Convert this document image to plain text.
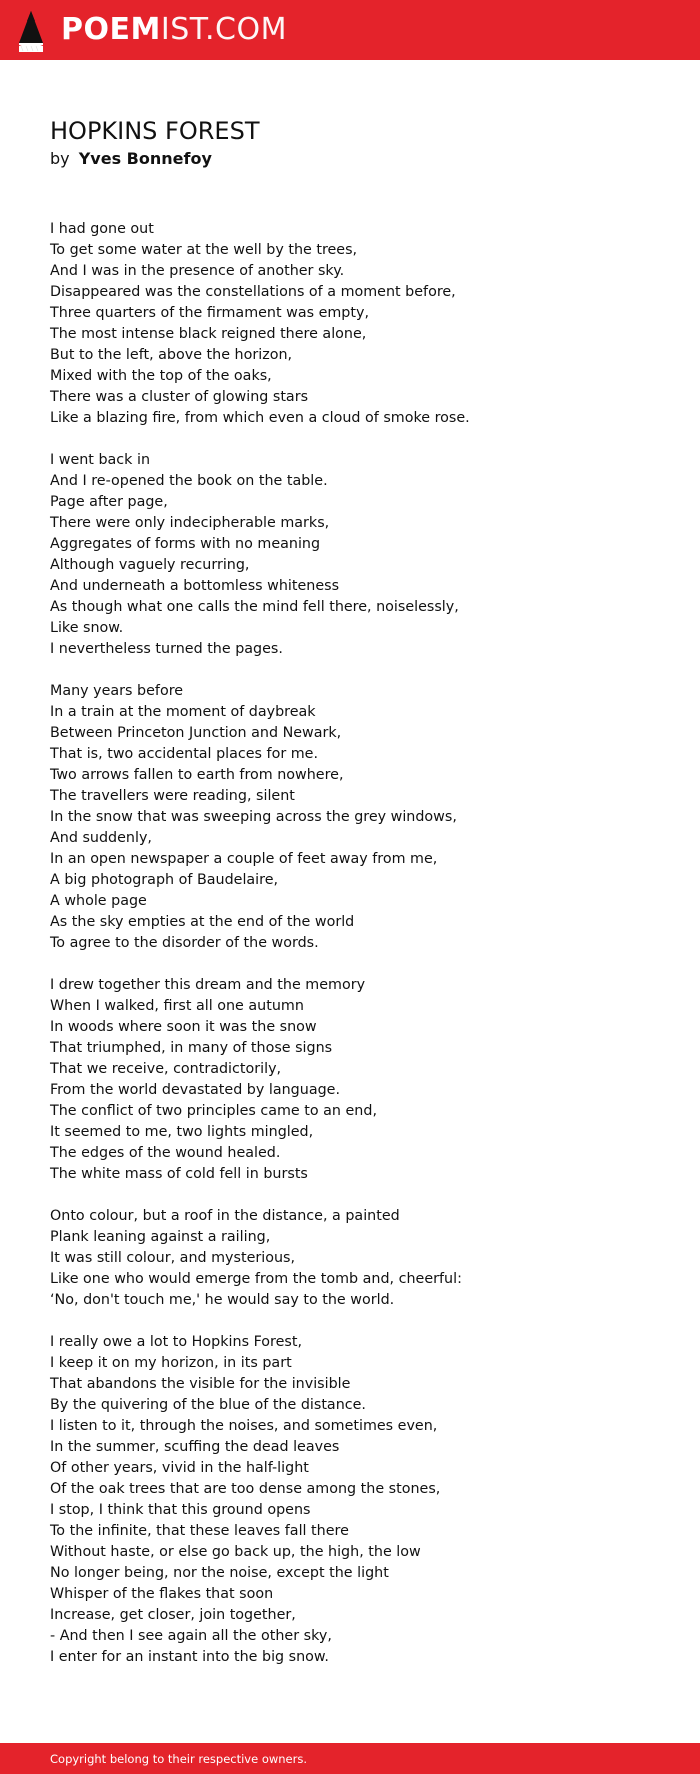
POEMIST.COM
HOPKINS FOREST
by Yves Bonnefoy
I had gone out
To get some water at the well by the trees,
And I was in the presence of another sky.
Disappeared was the constellations of a moment before,
Three quarters of the firmament was empty,
The most intense black reigned there alone,
But to the left, above the horizon,
Mixed with the top of the oaks,
There was a cluster of glowing stars
Like a blazing fire, from which even a cloud of smoke rose.
I went back in
And I re-opened the book on the table.
Page after page,
There were only indecipherable marks,
Aggregates of forms with no meaning
Although vaguely recurring,
And underneath a bottomless whiteness
As though what one calls the mind fell there, noiselessly,
Like snow.
I nevertheless turned the pages.
Many years before
In a train at the moment of daybreak
Between Princeton Junction and Newark,
That is, two accidental places for me.
Two arrows fallen to earth from nowhere,
The travellers were reading, silent
In the snow that was sweeping across the grey windows,
And suddenly,
In an open newspaper a couple of feet away from me,
A big photograph of Baudelaire,
A whole page
As the sky empties at the end of the world
To agree to the disorder of the words.
I drew together this dream and the memory
When I walked, first all one autumn
In woods where soon it was the snow
That triumphed, in many of those signs
That we receive, contradictorily,
From the world devastated by language.
The conflict of two principles came to an end,
It seemed to me, two lights mingled,
The edges of the wound healed.
The white mass of cold fell in bursts
Onto colour, but a roof in the distance, a painted
Plank leaning against a railing,
It was still colour, and mysterious,
Like one who would emerge from the tomb and, cheerful:
‘No, don't touch me,' he would say to the world.
I really owe a lot to Hopkins Forest,
I keep it on my horizon, in its part
That abandons the visible for the invisible
By the quivering of the blue of the distance.
I listen to it, through the noises, and sometimes even,
In the summer, scuffing the dead leaves
Of other years, vivid in the half-light
Of the oak trees that are too dense among the stones,
I stop, I think that this ground opens
To the infinite, that these leaves fall there
Without haste, or else go back up, the high, the low
No longer being, nor the noise, except the light
Whisper of the flakes that soon
Increase, get closer, join together,
- And then I see again all the other sky,
I enter for an instant into the big snow.
Copyright belong to their respective owners.
